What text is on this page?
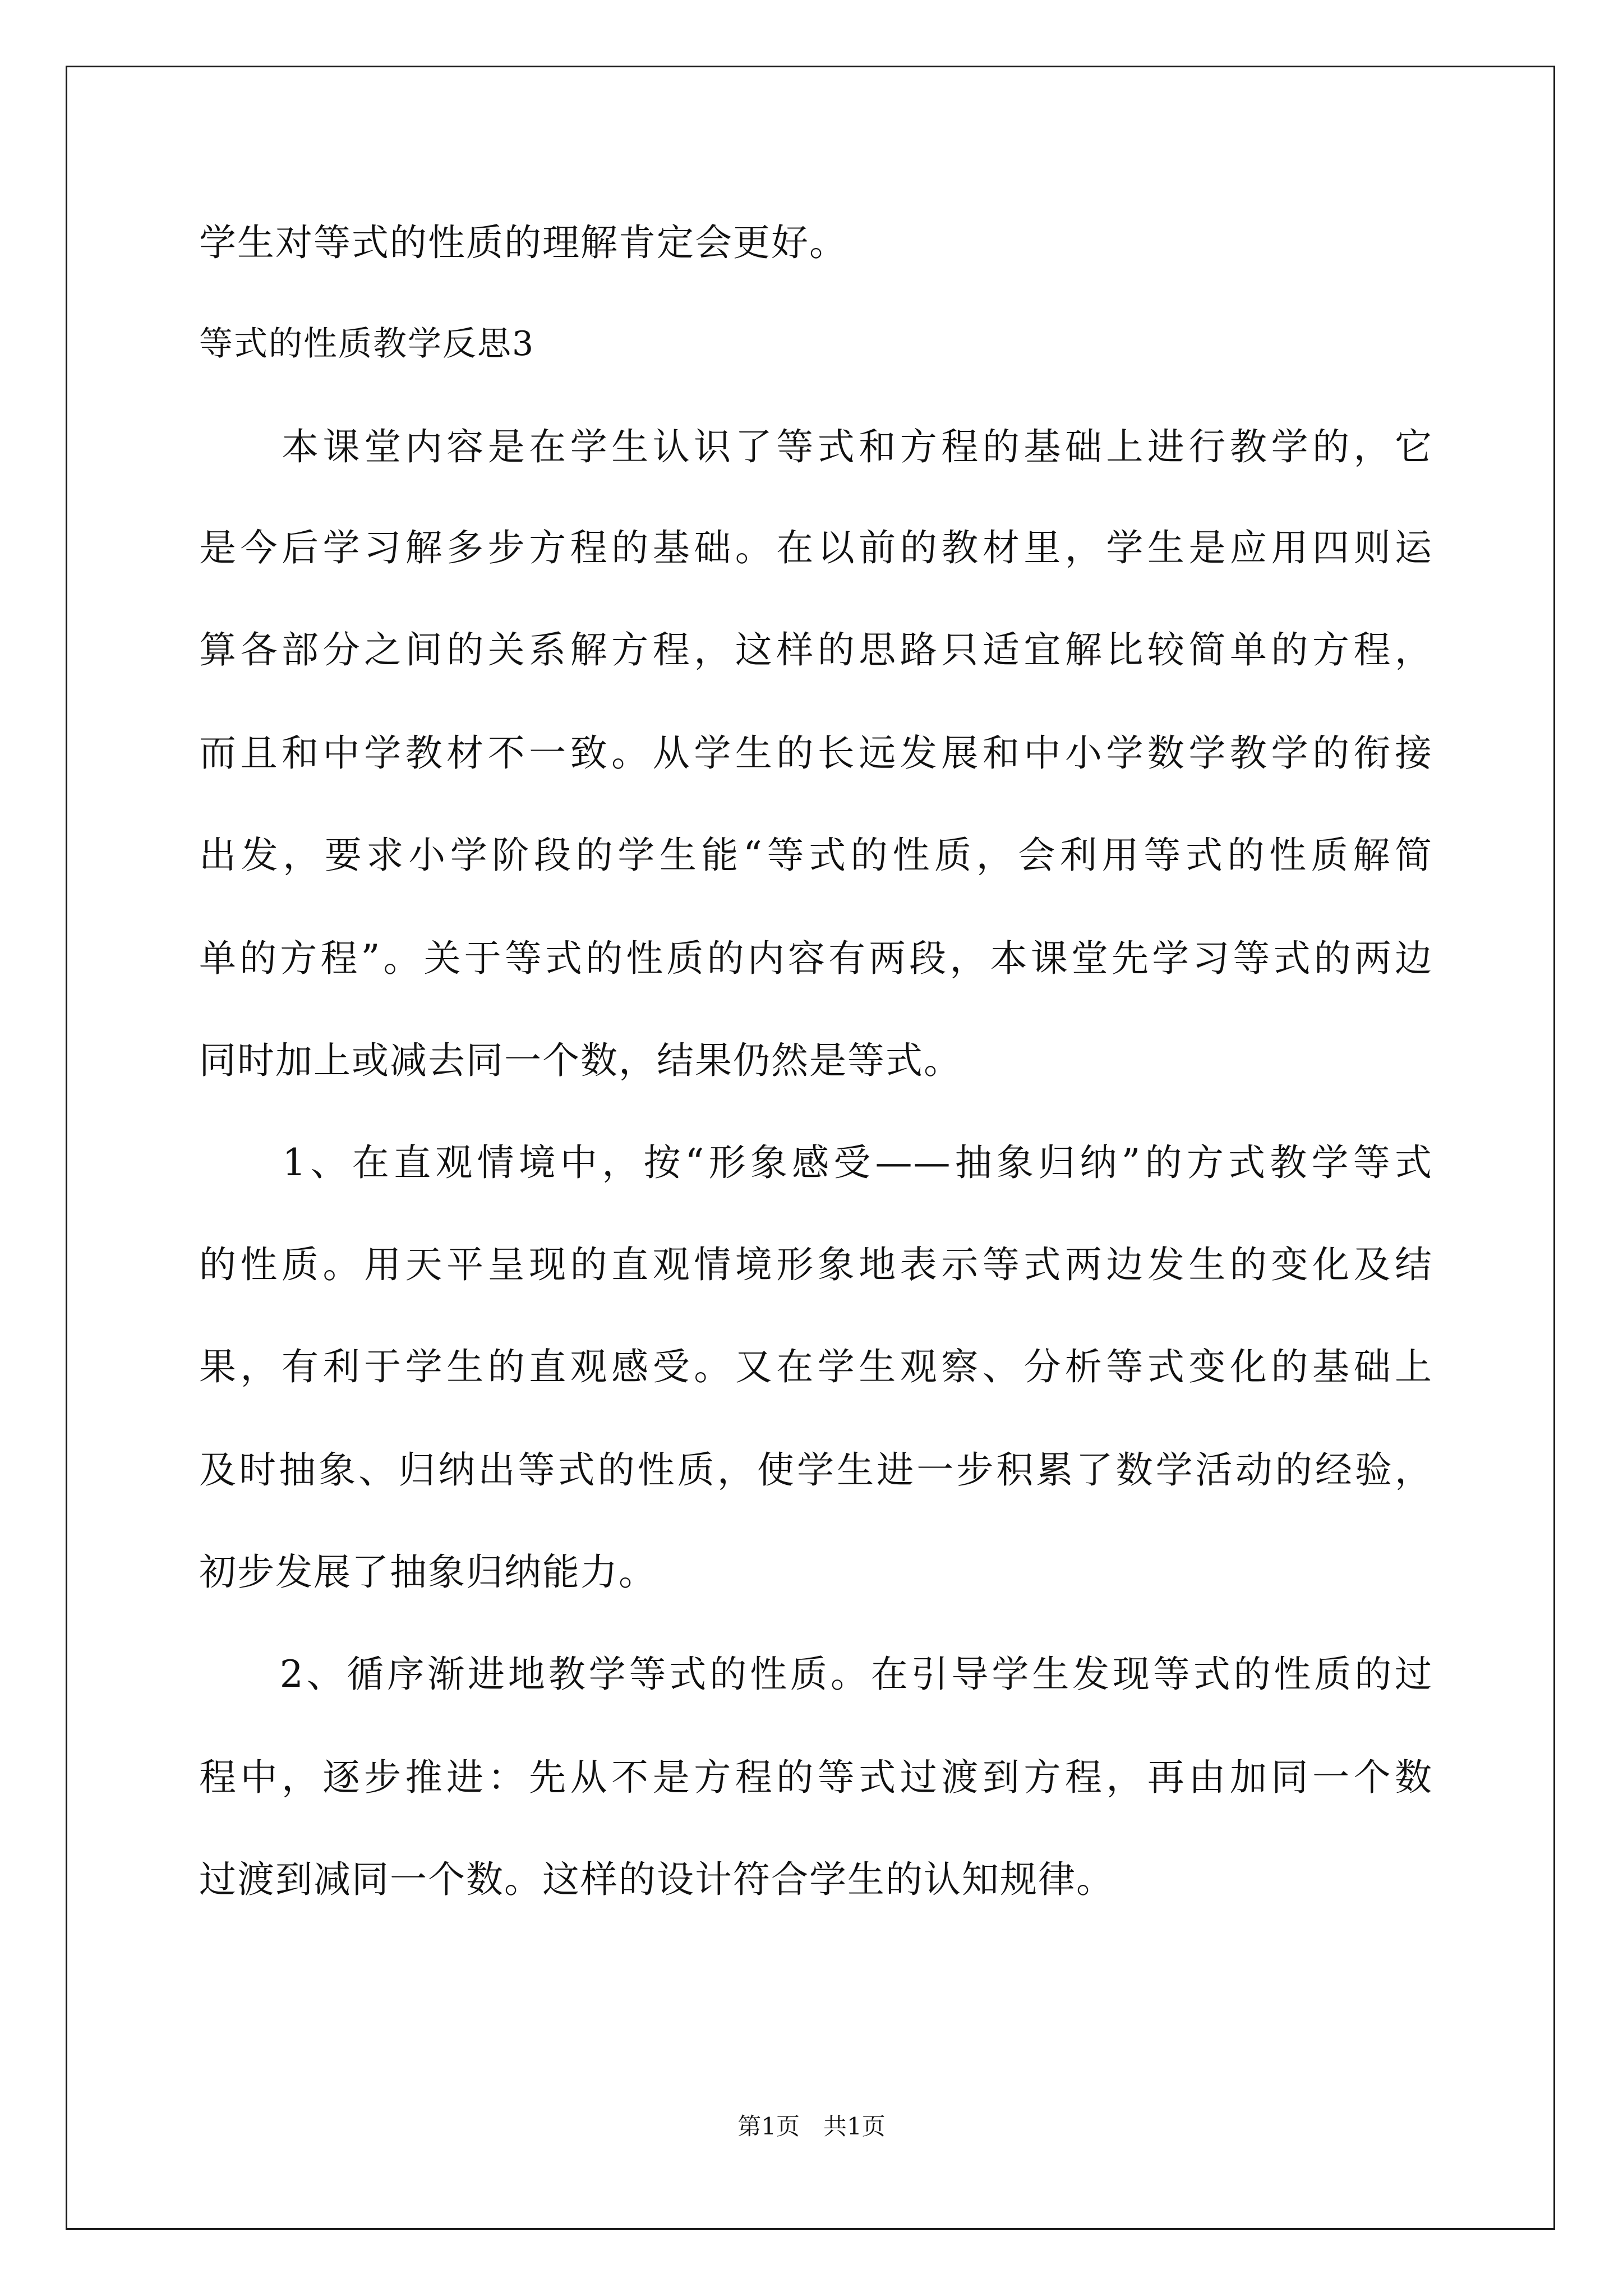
学生对等式的性质的理解肯定会更好。
等式的性质教学反思3
　　本课堂内容是在学生认识了等式和方程的基础上进行教学的，它
是今后学习解多步方程的基础。在以前的教材里，学生是应用四则运
算各部分之间的关系解方程，这样的思路只适宜解比较简单的方程，
而且和中学教材不一致。从学生的长远发展和中小学数学教学的衔接
出发，要求小学阶段的学生能“等式的性质，会利用等式的性质解简
单的方程”。关于等式的性质的内容有两段，本课堂先学习等式的两边
同时加上或减去同一个数，结果仍然是等式。
　　1、在直观情境中，按“形象感受——抽象归纳”的方式教学等式
的性质。用天平呈现的直观情境形象地表示等式两边发生的变化及结
果，有利于学生的直观感受。又在学生观察、分析等式变化的基础上
及时抽象、归纳出等式的性质，使学生进一步积累了数学活动的经验，
初步发展了抽象归纳能力。
　　2、循序渐进地教学等式的性质。在引导学生发现等式的性质的过
程中，逐步推进：先从不是方程的等式过渡到方程，再由加同一个数
过渡到减同一个数。这样的设计符合学生的认知规律。
第1页　共1页
